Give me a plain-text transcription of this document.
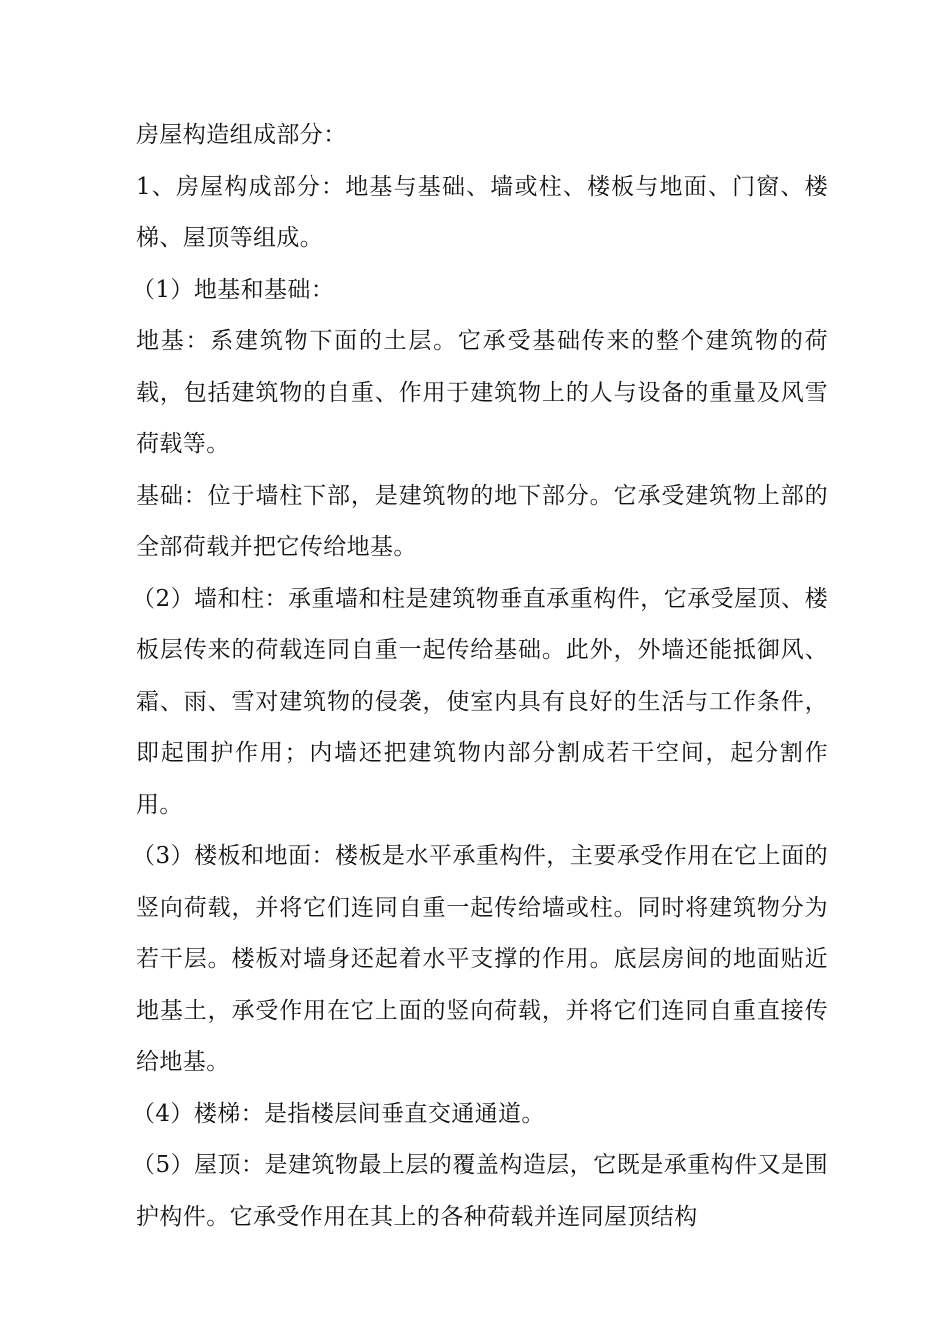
房屋构造组成部分：

1、房屋构成部分：地基与基础、墙或柱、楼板与地面、门窗、楼梯、屋顶等组成。

（1）地基和基础：

地基：系建筑物下面的土层。它承受基础传来的整个建筑物的荷载，包括建筑物的自重、作用于建筑物上的人与设备的重量及风雪荷载等。

基础：位于墙柱下部，是建筑物的地下部分。它承受建筑物上部的全部荷载并把它传给地基。

（2）墙和柱：承重墙和柱是建筑物垂直承重构件，它承受屋顶、楼板层传来的荷载连同自重一起传给基础。此外，外墙还能抵御风、霜、雨、雪对建筑物的侵袭，使室内具有良好的生活与工作条件，即起围护作用；内墙还把建筑物内部分割成若干空间，起分割作用。

（3）楼板和地面：楼板是水平承重构件，主要承受作用在它上面的竖向荷载，并将它们连同自重一起传给墙或柱。同时将建筑物分为若干层。楼板对墙身还起着水平支撑的作用。底层房间的地面贴近地基土，承受作用在它上面的竖向荷载，并将它们连同自重直接传给地基。

（4）楼梯：是指楼层间垂直交通通道。

（5）屋顶：是建筑物最上层的覆盖构造层，它既是承重构件又是围护构件。它承受作用在其上的各种荷载并连同屋顶结构
